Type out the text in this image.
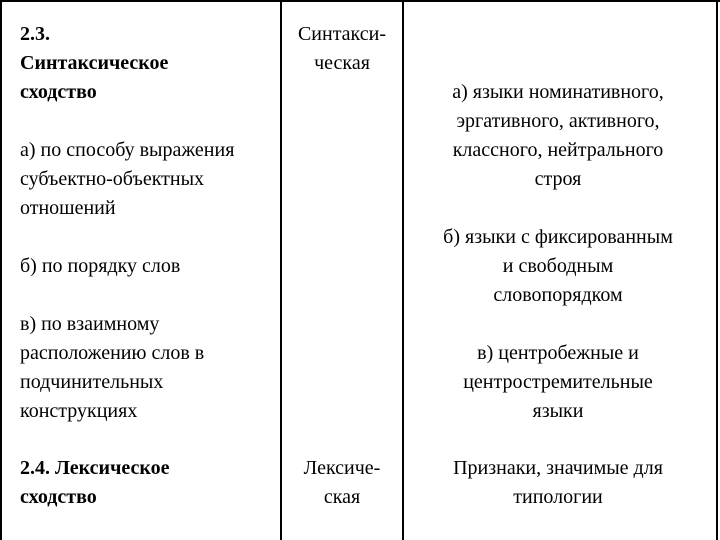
2.3.
Синтаксическое
сходство
а) по способу выражения
субъектно-объектных
отношений
б) по порядку слов
в) по взаимному
расположению слов в
подчинительных
конструкциях
Синтакси-
ческая
а) языки номинативного,
эргативного, активного,
классного, нейтрального
строя
б) языки с фиксированным
и свободным
словопорядком
в) центробежные и
центростремительные
языки
2.4. Лексическое
сходство
Лексиче-
ская
Признаки, значимые для
типологии
